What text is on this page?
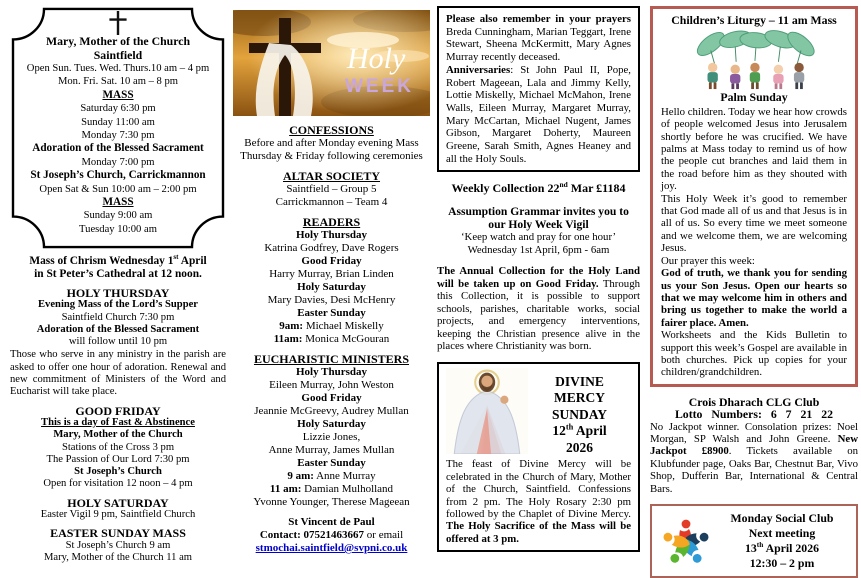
Mary, Mother of the Church
Saintfield
Open Sun. Tues. Wed. Thurs.10 am – 4 pm
Mon. Fri. Sat. 10 am – 8 pm
MASS
Saturday 6:30 pm
Sunday 11:00 am
Monday 7:30 pm
Adoration of the Blessed Sacrament
Monday 7:00 pm
St Joseph’s Church, Carrickmannon
Open Sat & Sun 10:00 am – 2:00 pm
MASS
Sunday 9:00 am
Tuesday 10:00 am
Mass of Chrism Wednesday 1st April
in St Peter’s Cathedral at 12 noon.
HOLY THURSDAY
Evening Mass of the Lord’s Supper
Saintfield Church 7:30 pm
Adoration of the Blessed Sacrament
will follow until 10 pm
Those who serve in any ministry in the parish are asked to offer one hour of adoration. Renewal and new commitment of Ministers of the Word and Eucharist will take place.
GOOD FRIDAY
This is a day of Fast & Abstinence
Mary, Mother of the Church
Stations of the Cross 3 pm
The Passion of Our Lord 7:30 pm
St Joseph’s Church
Open for visitation 12 noon – 4 pm
HOLY SATURDAY
Easter Vigil 9 pm, Saintfield Church
EASTER SUNDAY MASS
St Joseph’s Church 9 am
Mary, Mother of the Church 11 am
Holy
WEEK
CONFESSIONS
Before and after Monday evening Mass
Thursday & Friday following ceremonies
ALTAR SOCIETY
Saintfield – Group 5
Carrickmannon – Team 4
READERS
Holy Thursday
Katrina Godfrey, Dave Rogers
Good Friday
Harry Murray, Brian Linden
Holy Saturday
Mary Davies, Desi McHenry
Easter Sunday
9am: Michael Miskelly
11am: Monica McGouran
EUCHARISTIC MINISTERS
Holy Thursday
Eileen Murray, John Weston
Good Friday
Jeannie McGreevy, Audrey Mullan
Holy Saturday
Lizzie Jones,
Anne Murray, James Mullan
Easter Sunday
9 am: Anne Murray
11 am: Damian Mulholland
Yvonne Younger, Therese Mageean
St Vincent de Paul
Contact: 07521463667 or email
stmochai.saintfield@svpni.co.uk
Please also remember in your prayers Breda Cunningham, Marian Teggart, Irene Stewart, Sheena McKermitt, Mary Agnes Murray recently deceased.
Anniversaries: St John Paul II, Pope, Robert Mageean, Lala and Jimmy Kelly, Lottie Miskelly, Michael McMahon, Irene Walls, Eileen Murray, Margaret Murray, Mary McCartan, Michael Nugent, James Gibson, Margaret Doherty, Maureen Greene, Sarah Smith, Agnes Heaney and all the Holy Souls.
Weekly Collection 22nd Mar £1184
Assumption Grammar invites you to
our Holy Week Vigil
‘Keep watch and pray for one hour’
Wednesday 1st April, 6pm - 6am
The Annual Collection for the Holy Land will be taken up on Good Friday. Through this Collection, it is possible to support schools, parishes, charitable works, social projects, and emergency interventions, keeping the Christian presence alive in the places where Christianity was born.
DIVINE
MERCY
SUNDAY
12th April
2026
The feast of Divine Mercy will be celebrated in the Church of Mary, Mother of the Church, Saintfield. Confessions from 2 pm. The Holy Rosary 2:30 pm followed by the Chaplet of Divine Mercy. The Holy Sacrifice of the Mass will be offered at 3 pm.
Children’s Liturgy – 11 am Mass
Palm Sunday
Hello children. Today we hear how crowds of people welcomed Jesus into Jerusalem shortly before he was crucified. We have palms at Mass today to remind us of how the people cut branches and laid them in the road before him as they shouted with joy.
This Holy Week it’s good to remember that God made all of us and that Jesus is in all of us. So every time we meet someone and we welcome them, we are welcoming Jesus.
Our prayer this week:
God of truth, we thank you for sending us your Son Jesus. Open our hearts so that we may welcome him in others and bring us together to make the world a fairer place. Amen.
Worksheets and the Kids Bulletin to support this week’s Gospel are available in both churches. Pick up copies for your children/grandchildren.
Crois Dharach CLG Club
Lotto Numbers: 6 7 21 22
No Jackpot winner. Consolation prizes: Noel Morgan, SP Walsh and John Greene. New Jackpot £8900. Tickets available on Klubfunder page, Oaks Bar, Chestnut Bar, Vivo Shop, Dufferin Bar, International & Central Bars.
Monday Social Club
Next meeting
13th April 2026
12:30 – 2 pm
